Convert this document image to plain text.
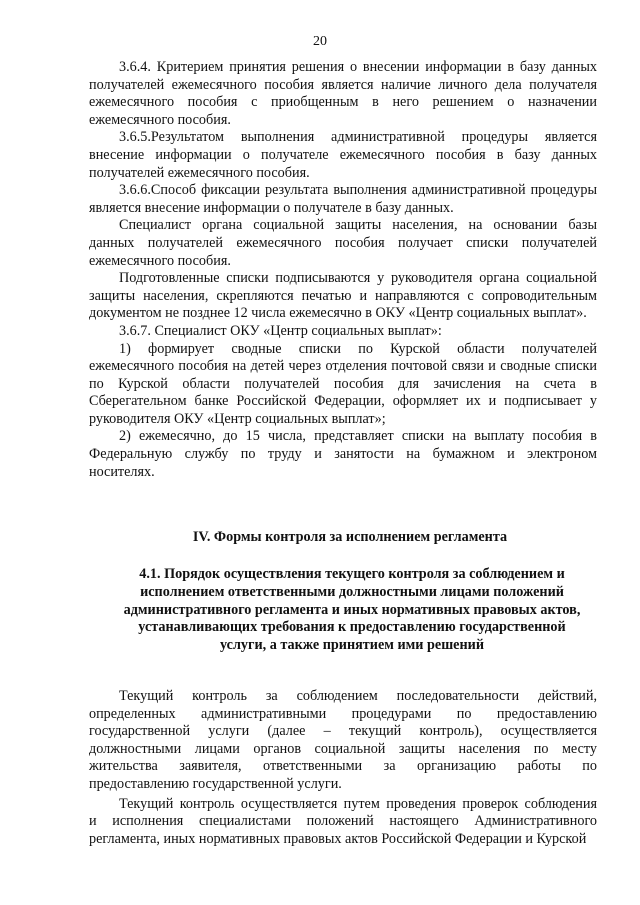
20

3.6.4. Критерием принятия решения о внесении информации в базу данных
получателей ежемесячного пособия является наличие личного дела получателя
ежемесячного пособия с приобщенным в него решением о назначении
ежемесячного пособия.

3.6.5.Результатом выполнения административной процедуры является
внесение информации о получателе ежемесячного пособия в базу данных
получателей ежемесячного пособия.

3.6.6.Способ фиксации результата выполнения административной процедуры
является внесение информации о получателе в базу данных.

Специалист органа социальной защиты населения, на основании базы
данных получателей ежемесячного пособия получает списки получателей
ежемесячного пособия.

Подготовленные списки подписываются у руководителя органа социальной
защиты населения, скрепляются печатью и направляются с сопроводительным
документом не позднее 12 числа ежемесячно в ОКУ «Центр социальных выплат».

3.6.7. Специалист ОКУ «Центр социальных выплат»:

1) формирует сводные списки по Курской области получателей
ежемесячного пособия на детей через отделения почтовой связи и сводные списки
по Курской области получателей пособия для зачисления на счета в
Сберегательном банке Российской Федерации, оформляет их и подписывает у
руководителя ОКУ «Центр социальных выплат»;

2) ежемесячно, до 15 числа, представляет списки на выплату пособия в
Федеральную службу по труду и занятости на бумажном и электроном
носителях.

IV. Формы контроля за исполнением регламента
4.1. Порядок осуществления текущего контроля за соблюдением и
исполнением ответственными должностными лицами положений
административного регламента и иных нормативных правовых актов,
устанавливающих требования к предоставлению государственной
услуги, а также принятием ими решений

Текущий контроль за соблюдением последовательности действий,
определенных административными процедурами по предоставлению
государственной услуги (далее – текущий контроль), осуществляется
должностными лицами органов социальной защиты населения по месту
жительства заявителя, ответственными за организацию работы по
предоставлению государственной услуги.

Текущий контроль осуществляется путем проведения проверок соблюдения
и исполнения специалистами положений настоящего Административного
регламента, иных нормативных правовых актов Российской Федерации и Курской
